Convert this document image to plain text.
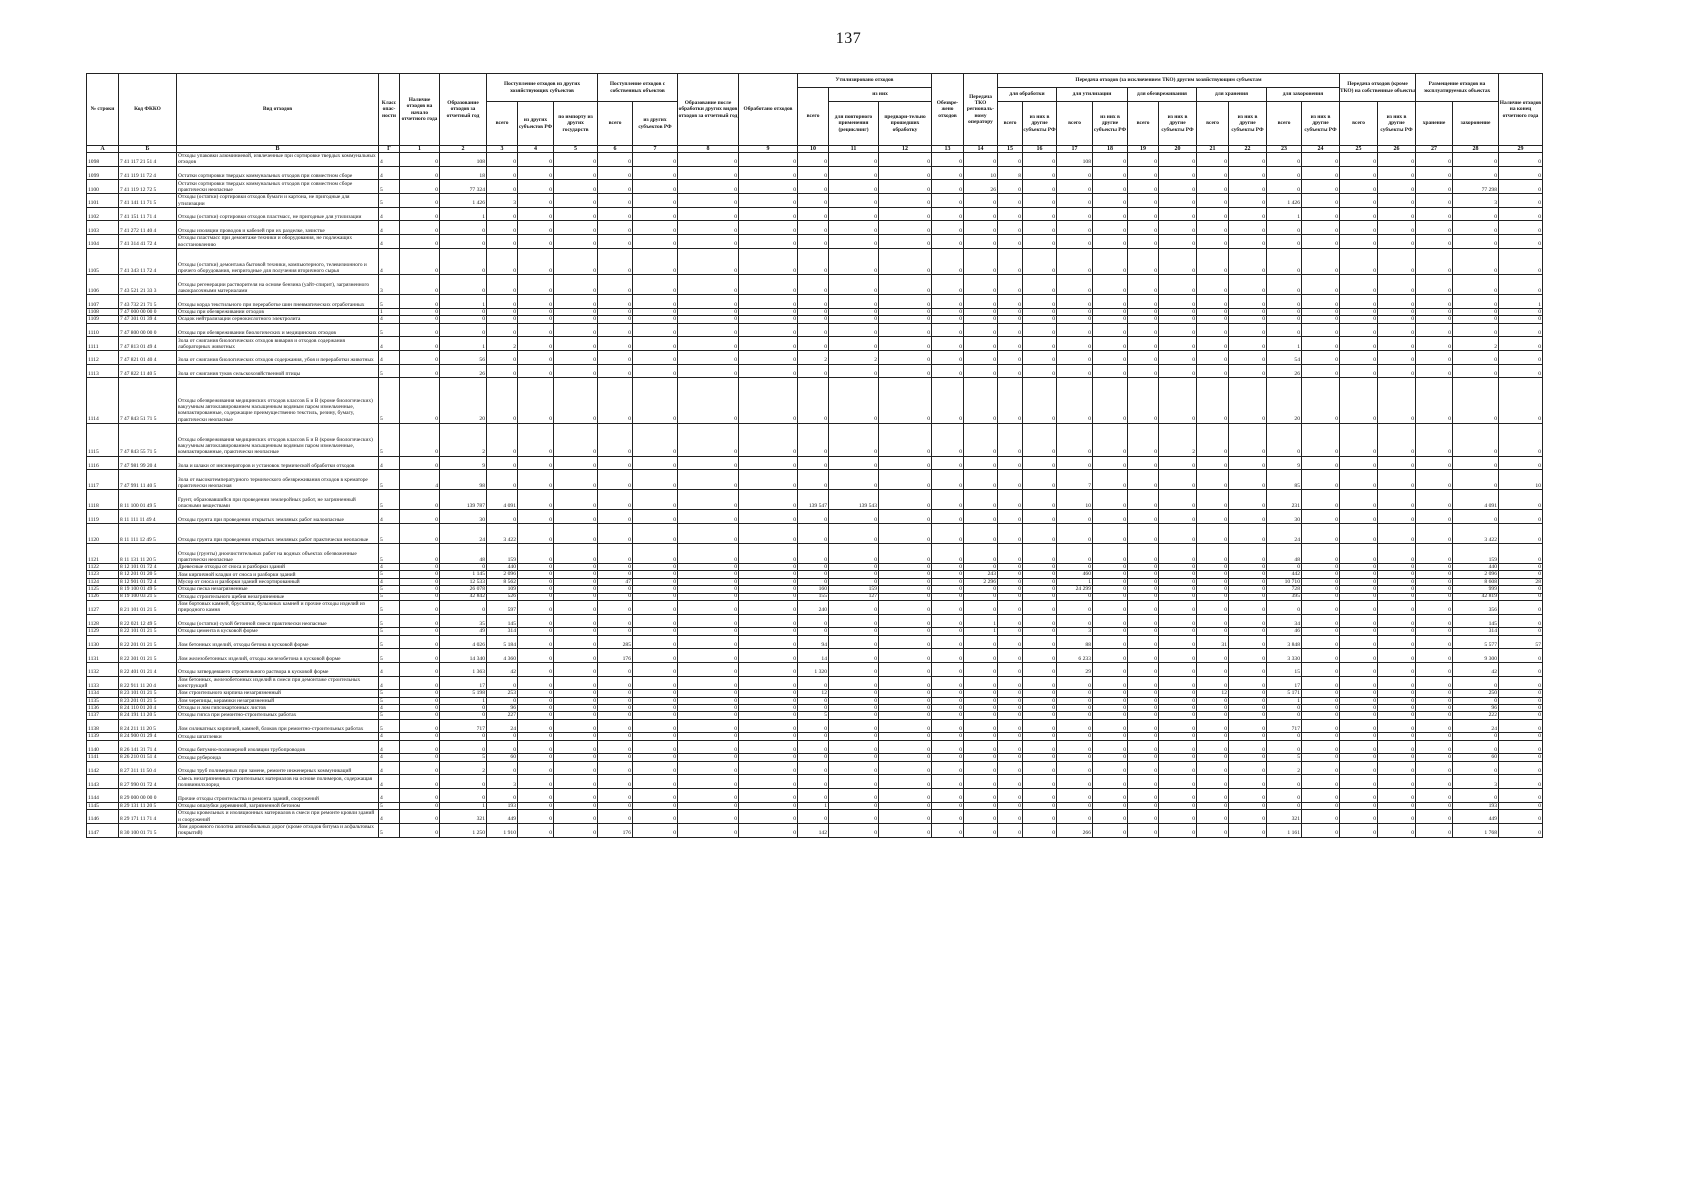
137
№ строки	Код ФККО	Вид отходов	Класс опас-ности	Наличие отходов на начало отчетного года	Образование отходов за отчетный год	Поступление отходов из других хозяйствующих субъектов			Поступление отходов с собственных объектов		Образование после обработки других видов отходов за отчетный год	Обработано отходов	Утилизировано отходов			Обезвре-жено отходов	Передача ТКО региональ-ному оператору	Передача отходов (за исключением ТКО) другим хозяйствующим субъектам										Передача отходов (кроме ТКО) на собственные объекты		Размещение отходов на эксплуатируемых объектах		Наличие отходов на конец отчетного года
													всего	из них				для обработки		для утилизации		для обезвреживания		для хранения		для захоронения						
						всего	из других субъектов РФ	по импорту из других государств	всего	из других субъектов РФ				для повторного применения (рециклинг)	предвари-тельно прошедших обработку			всего	из них в другие субъекты РФ	всего	из них в другие субъекты РФ	всего	из них в другие субъекты РФ	всего	из них в другие субъекты РФ	всего	из них в другие субъекты РФ	всего	из них в другие субъекты РФ	хранение	захоронение	
А	Б	В	Г	1	2	3	4	5	6	7	8	9	10	11	12	13	14	15	16	17	18	19	20	21	22	23	24	25	26	27	28	29
1098	7 41 117 21 51 4	Отходы упаковки алюминиевой, извлеченные при сортировке твердых коммунальных отходов	4	0	108	0	0	0	0	0	0	0	0	0	0	0	0	0	0	108	0	0	0	0	0	0	0	0	0	0	0	0
1099	7 41 119 11 72 4	Остатки сортировки твердых коммунальных отходов при совместном сборе	4	0	18	0	0	0	0	0	0	0	0	0	0	0	10	8	0	0	0	0	0	0	0	0	0	0	0	0	0	0
1100	7 41 119 12 72 5	Остатки сортировки твердых коммунальных отходов при совместном сборе практически неопасные	5	0	77 324	0	0	0	0	0	0	0	0	0	0	0	26	0	0	0	0	0	0	0	0	0	0	0	0	0	77 298	0
1101	7 41 141 11 71 5	Отходы (остатки) сортировки отходов бумаги и картона, не пригодные для утилизации	5	0	1 426	3	0	0	0	0	0	0	0	0	0	0	0	0	0	0	0	0	0	0	0	1 426	0	0	0	0	3	0
1102	7 41 151 11 71 4	Отходы (остатки) сортировки отходов пластмасс, не пригодные для утилизации	4	0	1	0	0	0	0	0	0	0	0	0	0	0	0	0	0	0	0	0	0	0	0	1	0	0	0	0	0	0
1103	7 41 272 11 40 4	Отходы изоляции проводов и кабелей при их разделке, зачистке	4	0	0	0	0	0	0	0	0	0	0	0	0	0	0	0	0	0	0	0	0	0	0	0	0	0	0	0	0	0
1104	7 41 314 41 72 4	Отходы пластмасс при демонтаже техники и оборудования, не подлежащих восстановлению	4	0	0	0	0	0	0	0	0	0	0	0	0	0	0	0	0	0	0	0	0	0	0	0	0	0	0	0	0	0
1105	7 41 343 11 72 4	Отходы (остатки) демонтажа бытовой техники, компьютерного, телевизионного и прочего оборудования, непригодные для получения вторичного сырья	4	0	0	0	0	0	0	0	0	0	0	0	0	0	0	0	0	0	0	0	0	0	0	0	0	0	0	0	0	0
1106	7 43 521 21 33 3	Отходы регенерации растворителя на основе бензина (уайт-спирит), загрязненного лакокрасочными материалами	3	0	0	0	0	0	0	0	0	0	0	0	0	0	0	0	0	0	0	0	0	0	0	0	0	0	0	0	0	0
1107	7 43 732 21 71 5	Отходы корда текстильного при переработке шин пневматических отработанных	5	0	1	0	0	0	0	0	0	0	0	0	0	0	0	0	0	0	0	0	0	0	0	0	0	0	0	0	0	1
1108	7 47 000 00 00 0	Отходы при обезвреживании отходов	1	0	0	0	0	0	0	0	0	0	0	0	0	0	0	0	0	0	0	0	0	0	0	0	0	0	0	0	0	0
1109	7 47 301 01 39 4	Осадок нейтрализации сернокислотного электролита	4	0	0	0	0	0	0	0	0	0	0	0	0	0	0	0	0	0	0	0	0	0	0	0	0	0	0	0	0	0
1110	7 47 800 00 00 0	Отходы при обезвреживании биологических и медицинских отходов	5	0	0	0	0	0	0	0	0	0	0	0	0	0	0	0	0	0	0	0	0	0	0	0	0	0	0	0	0	0
1111	7 47 813 01 49 4	Зола от сжигания биологических отходов вивария и отходов содержания лабораторных животных	4	0	1	2	0	0	0	0	0	0	0	0	0	0	0	0	0	0	0	0	0	0	0	1	0	0	0	0	2	0
1112	7 47 821 01 40 4	Зола от сжигания биологических отходов содержания, убоя и переработки животных	4	0	56	0	0	0	0	0	0	0	2	2	0	0	0	0	0	0	0	0	0	0	0	54	0	0	0	0	0	0
1113	7 47 822 11 40 5	Зола от сжигания туков сельскохозяйственной птицы	5	0	26	0	0	0	0	0	0	0	0	0	0	0	0	0	0	0	0	0	0	0	0	26	0	0	0	0	0	0
1114	7 47 843 51 71 5	Отходы обезвреживания медицинских отходов классов Б и В (кроме биологических) вакуумным автоклавированием насыщенным водяным паром измельченные, компактированные, содержащие преимущественно текстиль, резину, бумагу, практически неопасные	5	0	20	0	0	0	0	0	0	0	0	0	0	0	0	0	0	0	0	0	0	0	0	20	0	0	0	0	0	0
1115	7 47 843 55 71 5	Отходы обезвреживания медицинских отходов классов Б и В (кроме биологических) вакуумным автоклавированием насыщенным водяным паром измельченные, компактированные, практически неопасные	5	0	2	0	0	0	0	0	0	0	0	0	0	0	0	0	0	0	0	0	2	0	0	0	0	0	0	0	0	0
1116	7 47 981 99 20 4	Зола и шлаки от инсинераторов и установок термической обработки отходов	4	0	9	0	0	0	0	0	0	0	0	0	0	0	0	0	0	0	0	0	0	0	0	9	0	0	0	0	0	0
1117	7 47 991 11 40 5	Зола от высокотемпературного термического обезвреживания отходов в крематоре практически неопасная	5	4	98	0	0	0	0	0	0	0	0	0	0	0	0	0	0	7	0	0	0	0	0	85	0	0	0	0	0	10
1118	8 11 100 01 49 5	Грунт, образовавшийся при проведении землеройных работ, не загрязненный опасными веществами	5	0	139 787	4 091	0	0	0	0	0	0	139 547	139 543	0	0	0	0	0	10	0	0	0	0	0	231	0	0	0	0	4 091	0
1119	8 11 111 11 49 4	Отходы грунта при проведении открытых земляных работ малоопасные	4	0	30	0	0	0	0	0	0	0	0	0	0	0	0	0	0	0	0	0	0	0	0	30	0	0	0	0	0	0
1120	8 11 111 12 49 5	Отходы грунта при проведении открытых земляных работ практически неопасные	5	0	24	3 422	0	0	0	0	0	0	0	0	0	0	0	0	0	0	0	0	0	0	0	24	0	0	0	0	3 422	0
1121	8 11 131 11 20 5	Отходы (грунты) дноочистительных работ на водных объектах обезвоженные практически неопасные	5	0	48	159	0	0	0	0	0	0	0	0	0	0	0	0	0	0	0	0	0	0	0	48	0	0	0	0	159	0
1122	8 12 101 01 72 4	Древесные отходы от сноса и разборки зданий	4	0	0	440	0	0	0	0	0	0	0	0	0	0	0	0	0	0	0	0	0	0	0	0	0	0	0	0	440	0
1123	8 12 201 01 20 5	Лом кирпичной кладки от сноса и разборки зданий	5	0	1 145	2 096	0	0	0	0	0	0	0	0	0	0	243	0	0	460	0	0	0	0	0	442	0	0	0	0	2 096	0
1124	8 12 901 01 72 4	Мусор от сноса и разборки зданий несортированный	4	0	12 533	8 562	0	0	47	0	0	0	0	0	0	0	2 296	0	0	1	0	0	0	0	0	10 710	0	0	0	0	8 608	28
1125	8 19 100 01 49 5	Отходы песка незагрязненные	5	0	26 078	109	0	0	0	0	0	0	160	159	0	0	0	0	0	24 299	0	0	0	0	0	728	0	0	0	0	999	0
1126	8 19 100 03 21 5	Отходы строительного щебня незагрязненные	5	0	42 842	526	0	0	0	0	0	0	155	127	0	0	0	0	0	0	0	0	0	0	0	395	0	0	0	0	42 819	0
1127	8 21 101 01 21 5	Лом бортовых камней, брусчатки, булыжных камней и прочие отходы изделий из природного камня	5	0	0	597	0	0	0	0	0	0	240	0	0	0	0	0	0	0	0	0	0	0	0	0	0	0	0	0	356	0
1128	8 22 021 12 49 5	Отходы (остатки) сухой бетонной смеси практически неопасные	5	0	35	145	0	0	0	0	0	0	0	0	0	0	1	0	0	0	0	0	0	0	0	34	0	0	0	0	145	0
1129	8 22 101 01 21 5	Отходы цемента в кусковой форме	5	0	49	314	0	0	0	0	0	0	0	0	0	0	1	0	0	3	0	0	0	0	0	46	0	0	0	0	314	0
1130	8 22 201 01 21 5	Лом бетонных изделий, отходы бетона в кусковой форме	5	0	4 026	5 184	0	0	285	0	0	0	94	0	0	0	0	0	0	88	0	0	0	31	0	3 848	0	0	0	0	5 577	57
1131	8 22 301 01 21 5	Лом железобетонных изделий, отходы железобетона в кусковой форме	5	0	14 340	4 360	0	0	176	0	0	0	14	0	0	0	0	0	0	6 233	0	0	0	0	0	3 330	0	0	0	0	9 300	0
1132	8 22 401 01 21 4	Отходы затвердевшего строительного раствора в кусковой форме	4	0	1 363	42	0	0	0	0	0	0	1 320	0	0	0	0	0	0	29	0	0	0	0	0	15	0	0	0	0	42	0
1133	8 22 911 11 20 4	Лом бетонных, железобетонных изделий в смеси при демонтаже строительных конструкций	4	0	17	0	0	0	0	0	0	0	0	0	0	0	0	0	0	0	0	0	0	0	0	17	0	0	0	0	0	0
1134	8 23 101 01 21 5	Лом строительного кирпича незагрязненный	5	0	5 198	253	0	0	0	0	0	0	12	0	0	0	0	0	0	0	0	0	0	12	0	5 171	0	0	0	0	250	0
1135	8 23 201 01 21 5	Лом черепицы, керамики незагрязненный	5	0	1	0	0	0	0	0	0	0	0	0	0	0	0	0	0	0	0	0	0	0	0	1	0	0	0	0	0	0
1136	8 24 110 01 20 4	Отходы и лом гипсокартонных листов	4	0	0	96	0	0	0	0	0	0	0	0	0	0	0	0	0	0	0	0	0	0	0	0	0	0	0	0	96	0
1137	8 24 191 11 20 5	Отходы гипса при ремонтно-строительных работах	5	0	0	227	0	0	0	0	0	0	5	0	0	0	0	0	0	0	0	0	0	0	0	0	0	0	0	0	222	0
1138	8 24 211 11 20 5	Лом силикатных кирпичей, камней, блоков при ремонтно-строительных работах	5	0	717	24	0	0	0	0	0	0	0	0	0	0	0	0	0	0	0	0	0	0	0	717	0	0	0	0	24	0
1139	8 24 900 01 29 4	Отходы шпатлевки	4	0	0	0	0	0	0	0	0	0	0	0	0	0	0	0	0	0	0	0	0	0	0	0	0	0	0	0	0	0
1140	8 26 141 31 71 4	Отходы битумно-полимерной изоляции трубопроводов	4	0	0	0	0	0	0	0	0	0	0	0	0	0	0	0	0	0	0	0	0	0	0	0	0	0	0	0	0	0
1141	8 26 210 01 51 4	Отходы рубероида	4	0	5	60	0	0	0	0	0	0	0	0	0	0	0	0	0	0	0	0	0	0	0	5	0	0	0	0	60	0
1142	8 27 311 11 50 4	Отходы труб полимерных при замене, ремонте инженерных коммуникаций	4	0	2	0	0	0	0	0	0	0	0	0	0	0	0	0	0	0	0	0	0	0	0	2	0	0	0	0	0	0
1143	8 27 990 01 72 4	Смесь незагрязненных строительных материалов на основе полимеров, содержащая поливинилхлорид	4	0	0	3	0	0	0	0	0	0	0	0	0	0	0	0	0	0	0	0	0	0	0	0	0	0	0	0	3	0
1144	8 29 000 00 00 0	Прочие отходы строительства и ремонта зданий, сооружений	4	0	0	0	0	0	0	0	0	0	0	0	0	0	0	0	0	0	0	0	0	0	0	0	0	0	0	0	0	0
1145	8 29 131 11 20 5	Отходы опалубки деревянной, загрязненной бетоном	5	0	1	193	0	0	0	0	0	0	1	0	0	0	0	0	0	0	0	0	0	0	0	0	0	0	0	0	193	0
1146	8 29 171 11 71 4	Отходы кровельных и изоляционных материалов в смеси при ремонте кровли зданий и сооружений	4	0	321	449	0	0	0	0	0	0	0	0	0	0	0	0	0	0	0	0	0	0	0	321	0	0	0	0	449	0
1147	8 30 100 01 71 5	Лом дорожного полотна автомобильных дорог (кроме отходов битума и асфальтовых покрытий)	5	0	1 250	1 910	0	0	176	0	0	0	142	0	0	0	0	0	0	266	0	0	0	0	0	1 161	0	0	0	0	1 768	0
